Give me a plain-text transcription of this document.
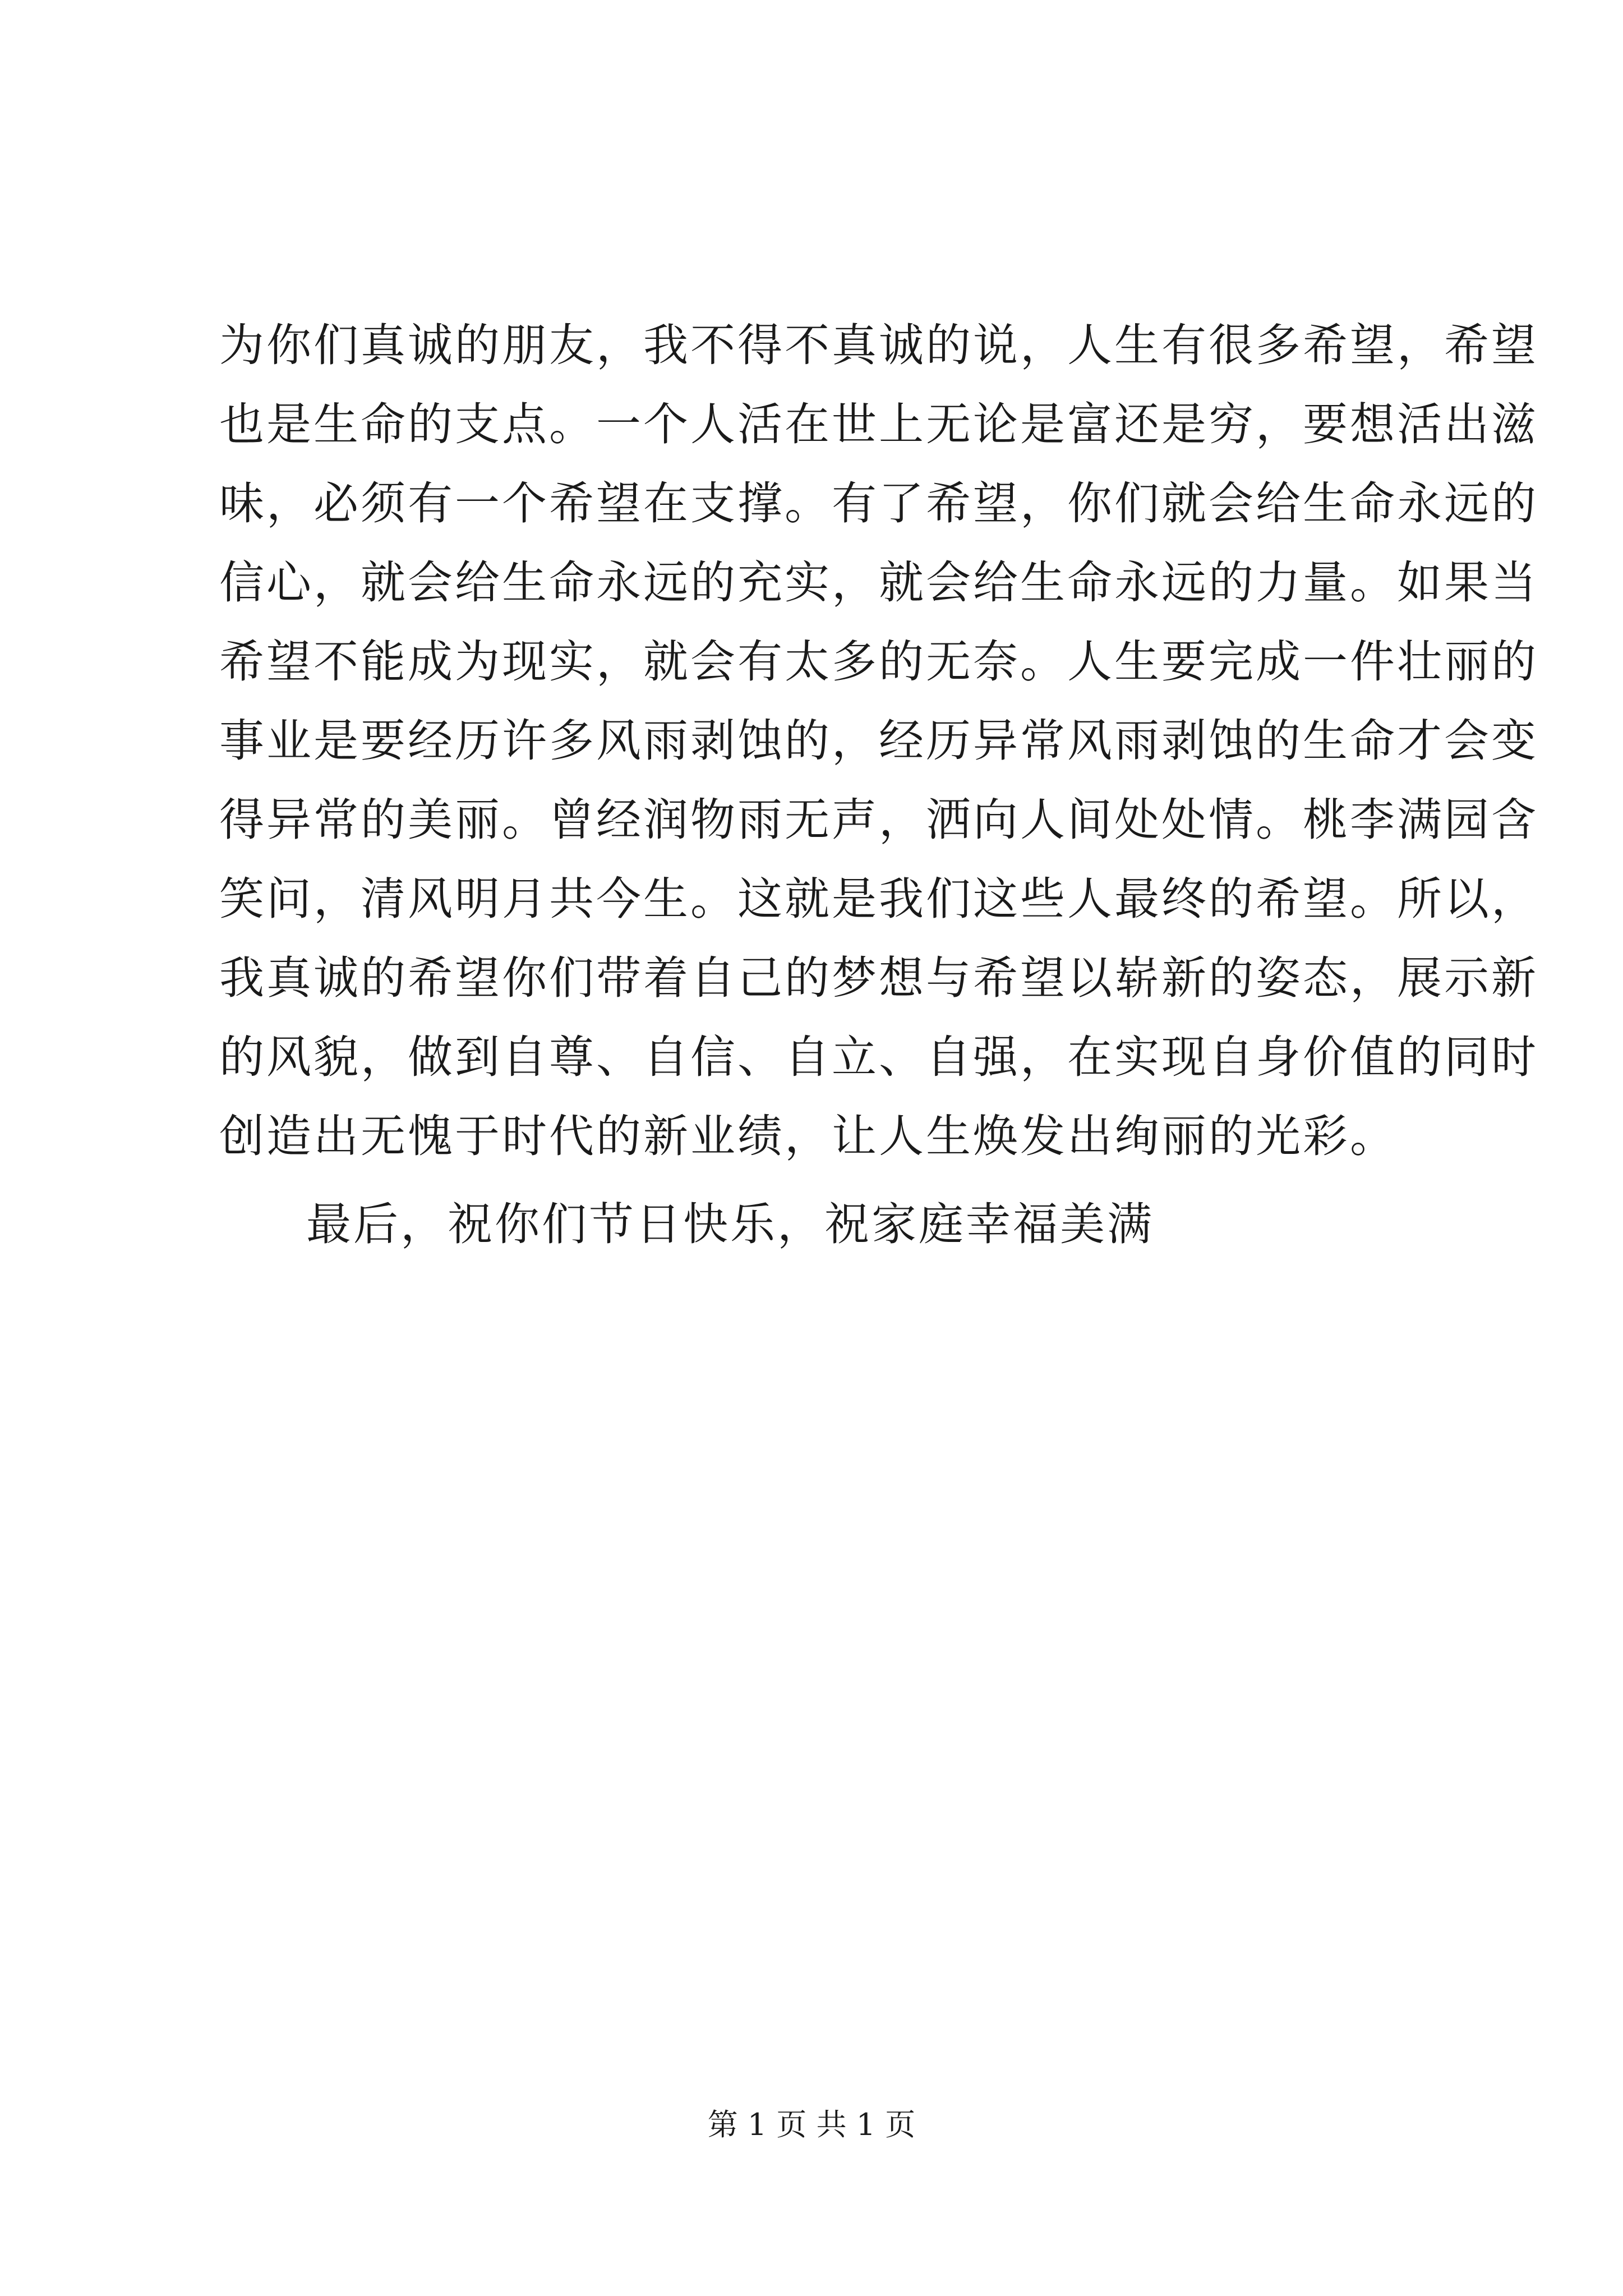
为你们真诚的朋友，我不得不真诚的说，人生有很多希望，希望
也是生命的支点。一个人活在世上无论是富还是穷，要想活出滋
味，必须有一个希望在支撑。有了希望，你们就会给生命永远的
信心，就会给生命永远的充实，就会给生命永远的力量。如果当
希望不能成为现实，就会有太多的无奈。人生要完成一件壮丽的
事业是要经历许多风雨剥蚀的，经历异常风雨剥蚀的生命才会变
得异常的美丽。曾经润物雨无声，洒向人间处处情。桃李满园含
笑问，清风明月共今生。这就是我们这些人最终的希望。所以，
我真诚的希望你们带着自己的梦想与希望以崭新的姿态，展示新
的风貌，做到自尊、自信、自立、自强，在实现自身价值的同时
创造出无愧于时代的新业绩，让人生焕发出绚丽的光彩。
最后，祝你们节日快乐，祝家庭幸福美满
第 1 页 共 1 页
